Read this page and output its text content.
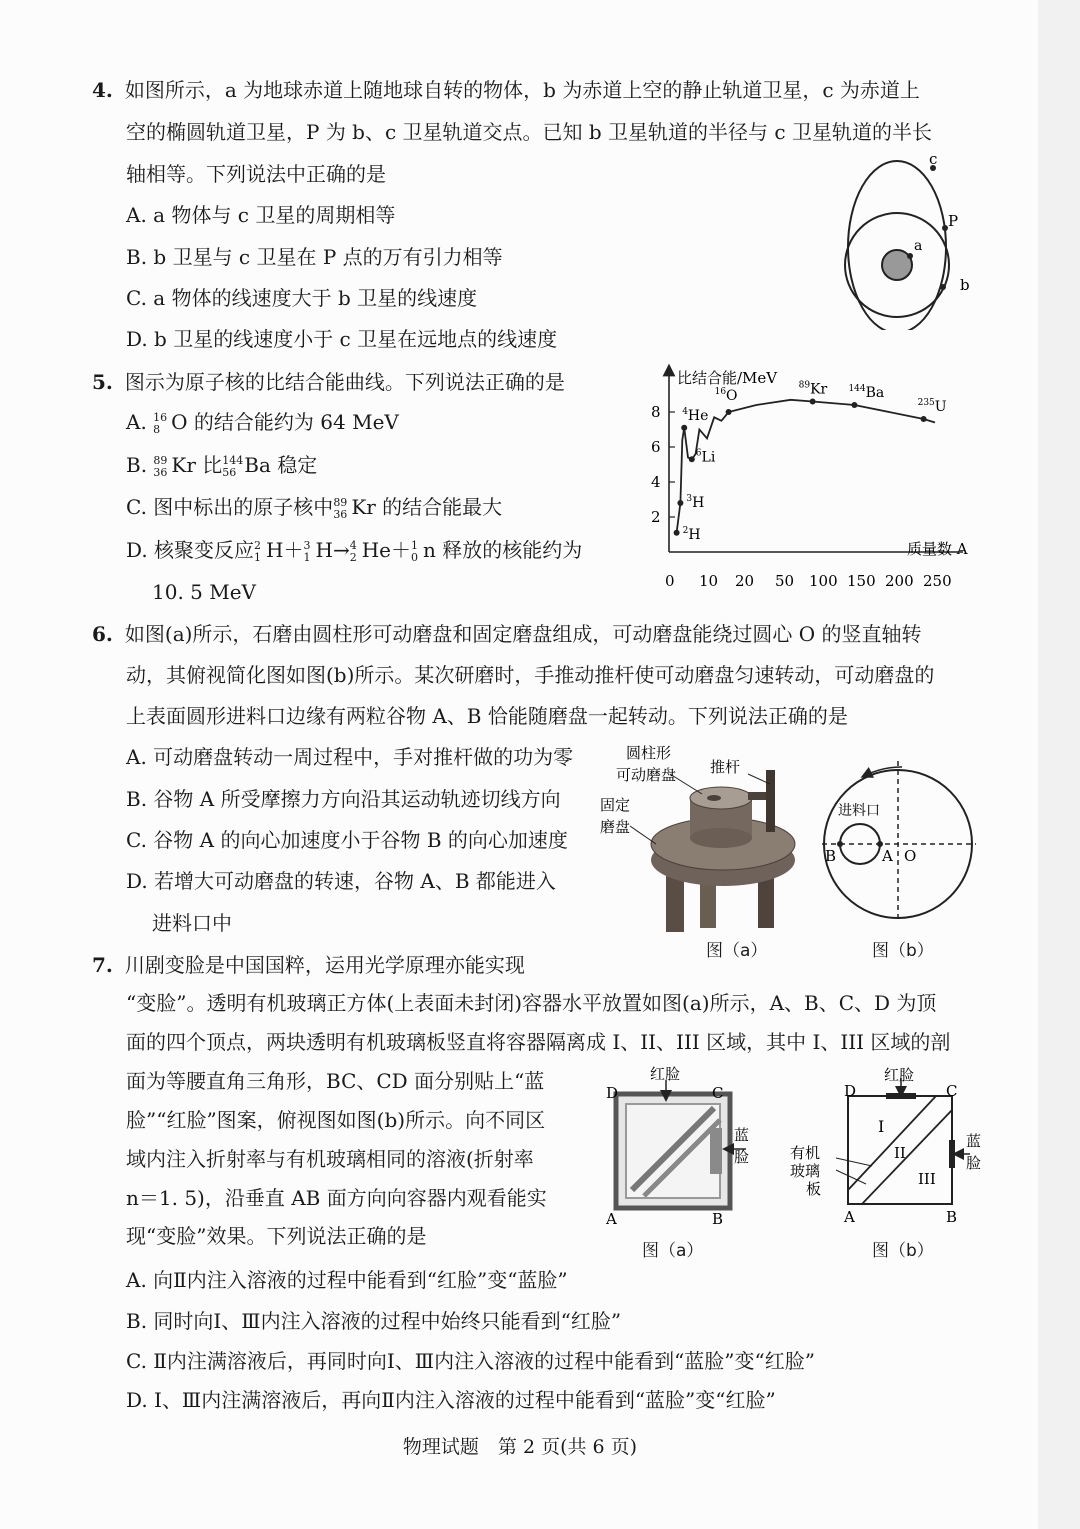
4. 如图所示，a 为地球赤道上随地球自转的物体，b 为赤道上空的静止轨道卫星，c 为赤道上
空的椭圆轨道卫星，P 为 b、c 卫星轨道交点。已知 b 卫星轨道的半径与 c 卫星轨道的半长
轴相等。下列说法中正确的是
A. a 物体与 c 卫星的周期相等
B. b 卫星与 c 卫星在 P 点的万有引力相等
C. a 物体的线速度大于 b 卫星的线速度
D. b 卫星的线速度小于 c 卫星在远地点的线速度
c
P
a
b
5. 图示为原子核的比结合能曲线。下列说法正确的是
A. 16
8 O 的结合能约为 64 MeV
B. 89
36 Kr 比 144
56 Ba 稳定
C. 图中标出的原子核中 89
36 Kr 的结合能最大
D. 核聚变反应 2
1 H＋ 3
1 H→ 4
2 He＋ 1
0 n 释放的核能约为
10. 5 MeV
比结合能/MeV
质量数 A
2
4
6
8
0 10 20 50 100 150 200 250
$^2$H
$^3$H
$^6$Li
$^4$He
$^{16}$O
$^{89}$Kr $^{144}$Ba
$^{235}$U
6. 如图(a)所示，石磨由圆柱形可动磨盘和固定磨盘组成，可动磨盘能绕过圆心 O 的竖直轴转
动，其俯视简化图如图(b)所示。某次研磨时，手推动推杆使可动磨盘匀速转动，可动磨盘的
上表面圆形进料口边缘有两粒谷物 A、B 恰能随磨盘一起转动。下列说法正确的是
A. 可动磨盘转动一周过程中，手对推杆做的功为零
B. 谷物 A 所受摩擦力方向沿其运动轨迹切线方向
C. 谷物 A 的向心加速度小于谷物 B 的向心加速度
D. 若增大可动磨盘的转速，谷物 A、B 都能进入
进料口中
圆柱形
可动磨盘 推杆
固定
磨盘
图（a）
进料口
B	A O
图（b）
7. 川剧变脸是中国国粹，运用光学原理亦能实现
“变脸”。透明有机玻璃正方体(上表面未封闭)容器水平放置如图(a)所示，A、B、C、D 为顶
面的四个顶点，两块透明有机玻璃板竖直将容器隔离成 I、II、III 区域，其中 I、III 区域的剖
面为等腰直角三角形，BC、CD 面分别贴上“蓝
脸”“红脸”图案，俯视图如图(b)所示。向不同区
域内注入折射率与有机玻璃相同的溶液(折射率
n＝1. 5)，沿垂直 AB 面方向向容器内观看能实
现“变脸”效果。下列说法正确的是
A. 向Ⅱ内注入溶液的过程中能看到“红脸”变“蓝脸”
B. 同时向Ⅰ、Ⅲ内注入溶液的过程中始终只能看到“红脸”
C. Ⅱ内注满溶液后，再同时向Ⅰ、Ⅲ内注入溶液的过程中能看到“蓝脸”变“红脸”
D. Ⅰ、Ⅲ内注满溶液后，再向Ⅱ内注入溶液的过程中能看到“蓝脸”变“红脸”
红脸
蓝
脸
D	C
A	B
图（a）
红脸
蓝
脸
D	C
A	B
I
II
III
有机
玻璃
板
图（b）
物理试题　第 2 页(共 6 页)
